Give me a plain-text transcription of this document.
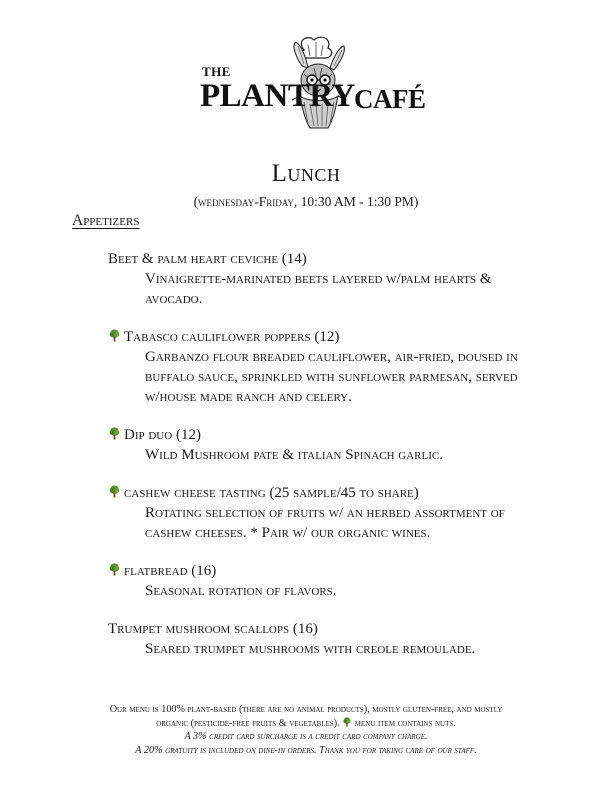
THE
PLANTRY CAFÉ
Lunch
(wednesday-Friday, 10:30 AM - 1:30 PM)
Appetizers
Beet & palm heart ceviche (14)
Vinaigrette-marinated beets layered w/palm hearts & avocado.
Tabasco cauliflower poppers (12)
Garbanzo flour breaded cauliflower, air-fried, doused in buffalo sauce, sprinkled with sunflower parmesan, served w/house made ranch and celery.
Dip duo (12)
Wild Mushroom pate & italian Spinach garlic.
cashew cheese tasting (25 sample/45 to share)
Rotating selection of fruits w/ an herbed assortment of cashew cheeses. * Pair w/ our organic wines.
flatbread (16)
Seasonal rotation of flavors.
Trumpet mushroom scallops (16)
Seared trumpet mushrooms with creole remoulade.
Our menu is 100% plant-based (there are no animal products), mostly gluten-free, and mostly
organic (pesticide-free fruits & vegetables). menu item contains nuts.
A 3% credit card surcharge is a credit card company charge.
A 20% gratuity is included on dine-in orders. Thank you for taking care of our staff.
